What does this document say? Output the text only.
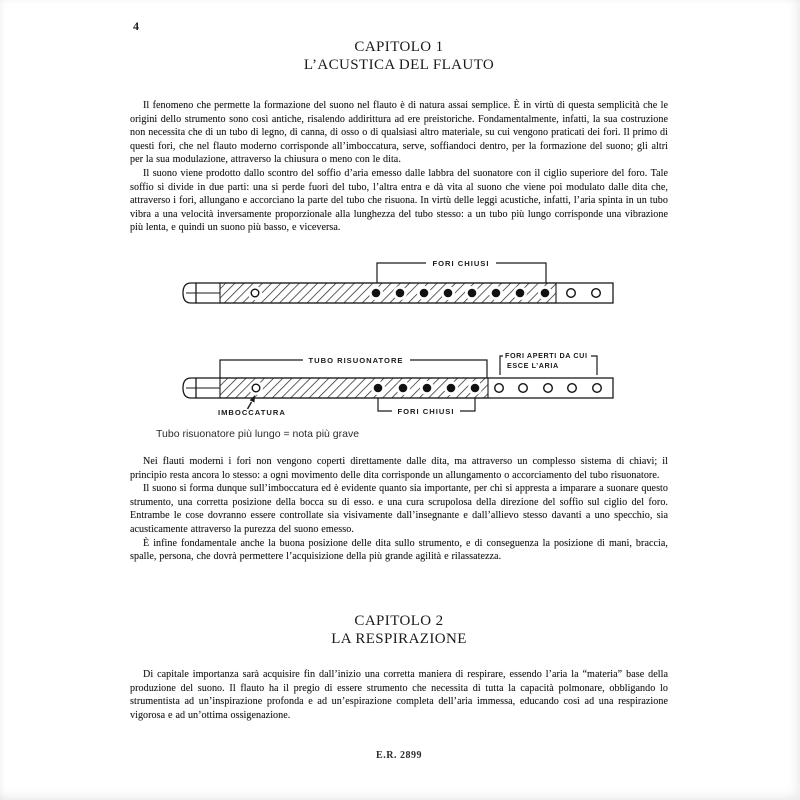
4
CAPITOLO 1
L’ACUSTICA DEL FLAUTO

Il fenomeno che permette la formazione del suono nel flauto è di natura assai semplice. È in virtù di questa semplicità che le origini dello strumento sono così antiche, risalendo addirittura ad ere preistoriche. Fondamentalmente, infatti, la sua costruzione non necessita che di un tubo di legno, di canna, di osso o di qualsiasi altro materiale, su cui vengono praticati dei fori. Il primo di questi fori, che nel flauto moderno corrisponde all’imboccatura, serve, soffiandoci dentro, per la formazione del suono; gli altri per la sua modulazione, attraverso la chiusura o meno con le dita.

Il suono viene prodotto dallo scontro del soffio d’aria emesso dalle labbra del suonatore con il ciglio superiore del foro. Tale soffio si divide in due parti: una si perde fuori del tubo, l’altra entra e dà vita al suono che viene poi modulato dalle dita che, attraverso i fori, allungano e accorciano la parte del tubo che risuona. In virtù delle leggi acustiche, infatti, l’aria spinta in un tubo vibra a una velocità inversamente proporzionale alla lunghezza del tubo stesso: a un tubo più lungo corrisponde una vibrazione più lenta, e quindi un suono più basso, e viceversa.

FORI CHIUSI
TUBO RISUONATORE
FORI APERTI DA CUI
ESCE L’ARIA
IMBOCCATURA	FORI CHIUSI
Tubo risuonatore più lungo = nota più grave

Nei flauti moderni i fori non vengono coperti direttamente dalle dita, ma attraverso un complesso sistema di chiavi; il principio resta ancora lo stesso: a ogni movimento delle dita corrisponde un allungamento o accorciamento del tubo risuonatore.

Il suono si forma dunque sull’imboccatura ed è evidente quanto sia importante, per chi si appresta a imparare a suonare questo strumento, una corretta posizione della bocca su di esso. e una cura scrupolosa della direzione del soffio sul ciglio del foro. Entrambe le cose dovranno essere controllate sia visivamente dall’insegnante e dall’allievo stesso davanti a uno specchio, sia acusticamente attraverso la purezza del suono emesso.

È infine fondamentale anche la buona posizione delle dita sullo strumento, e di conseguenza la posizione di mani, braccia, spalle, persona, che dovrà permettere l’acquisizione della più grande agilità e rilassatezza.

CAPITOLO 2
LA RESPIRAZIONE

Di capitale importanza sarà acquisire fin dall’inizio una corretta maniera di respirare, essendo l’aria la “materia” base della produzione del suono. Il flauto ha il pregio di essere strumento che necessita di tutta la capacità polmonare, obbligando lo strumentista ad un’inspirazione profonda e ad un’espirazione completa dell’aria immessa, educando così ad una respirazione vigorosa e ad un’ottima ossigenazione.

E.R. 2899
